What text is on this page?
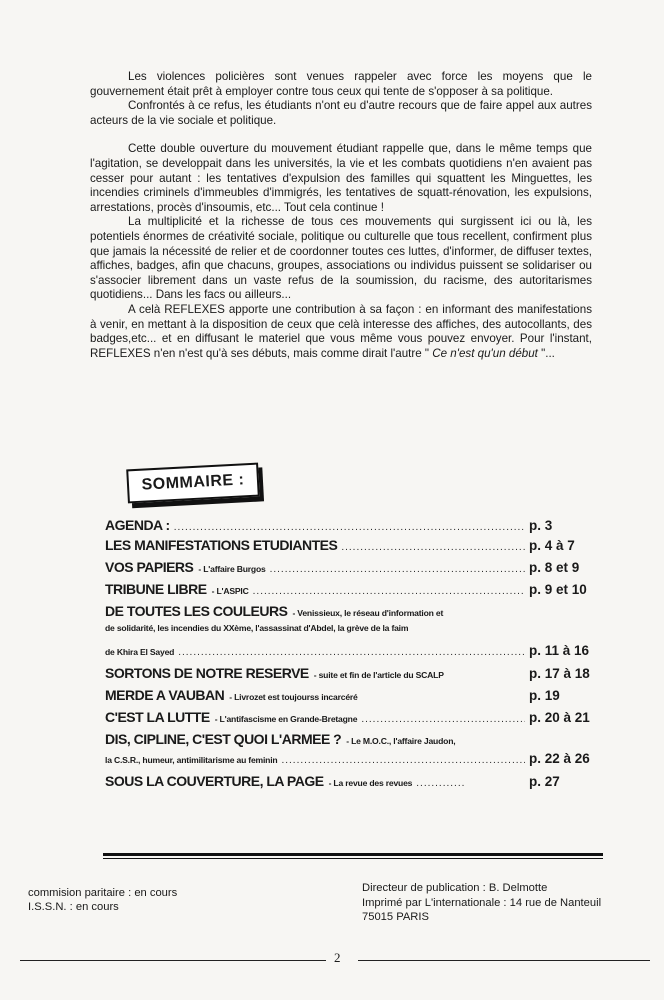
Les violences policières sont venues rappeler avec force les moyens que le gouvernement était prêt à employer contre tous ceux qui tente de s'opposer à sa politique.

Confrontés à ce refus, les étudiants n'ont eu d'autre recours que de faire appel aux autres acteurs de la vie sociale et politique.

Cette double ouverture du mouvement étudiant rappelle que, dans le même temps que l'agitation, se developpait dans les universités, la vie et les combats quotidiens n'en avaient pas cesser pour autant : les tentatives d'expulsion des familles qui squattent les Minguettes, les incendies criminels d'immeubles d'immigrés, les tentatives de squatt-rénovation, les expulsions, arrestations, procès d'insoumis, etc... Tout cela continue !

La multiplicité et la richesse de tous ces mouvements qui surgissent ici ou là, les potentiels énormes de créativité sociale, politique ou culturelle que tous recellent, confirment plus que jamais la nécessité de relier et de coordonner toutes ces luttes, d'informer, de diffuser textes, affiches, badges, afin que chacuns, groupes, associations ou individus puissent se solidariser ou s'associer librement dans un vaste refus de la soumission, du racisme, des autoritarismes quotidiens... Dans les facs ou ailleurs...

A celà REFLEXES apporte une contribution à sa façon : en informant des manifestations à venir, en mettant à la disposition de ceux que celà interesse des affiches, des autocollants, des badges,etc... et en diffusant le materiel que vous même vous pouvez envoyer. Pour l'instant, REFLEXES n'en n'est qu'à ses débuts, mais comme dirait l'autre " Ce n'est qu'un début "...

SOMMAIRE :
AGENDA : .....	p. 3
LES MANIFESTATIONS ETUDIANTES .....	p. 4 à 7
VOS PAPIERS - L'affaire Burgos .....	p. 8 et 9
TRIBUNE LIBRE - L'ASPIC .....	p. 9 et 10
DE TOUTES LES COULEURS - Venissieux, le réseau d'information et
de solidarité, les incendies du XXème, l'assassinat d'Abdel, la grève de la faim
de Khira El Sayed .....	p. 11 à 16
SORTONS DE NOTRE RESERVE - suite et fin de l'article du SCALP	p. 17 à 18
MERDE A VAUBAN - Livrozet est toujourss incarcéré	p. 19
C'EST LA LUTTE - L'antifascisme en Grande-Bretagne .....	p. 20 à 21
DIS, CIPLINE, C'EST QUOI L'ARMEE ? - Le M.O.C., l'affaire Jaudon,
la C.S.R., humeur, antimilitarisme au feminin .....	p. 22 à 26
SOUS LA COUVERTURE, LA PAGE - La revue des revues .....	p. 27
commision paritaire : en cours
I.S.S.N. : en cours
Directeur de publication : B. Delmotte
Imprimé par L'internationale : 14 rue de Nanteuil
75015 PARIS
2
